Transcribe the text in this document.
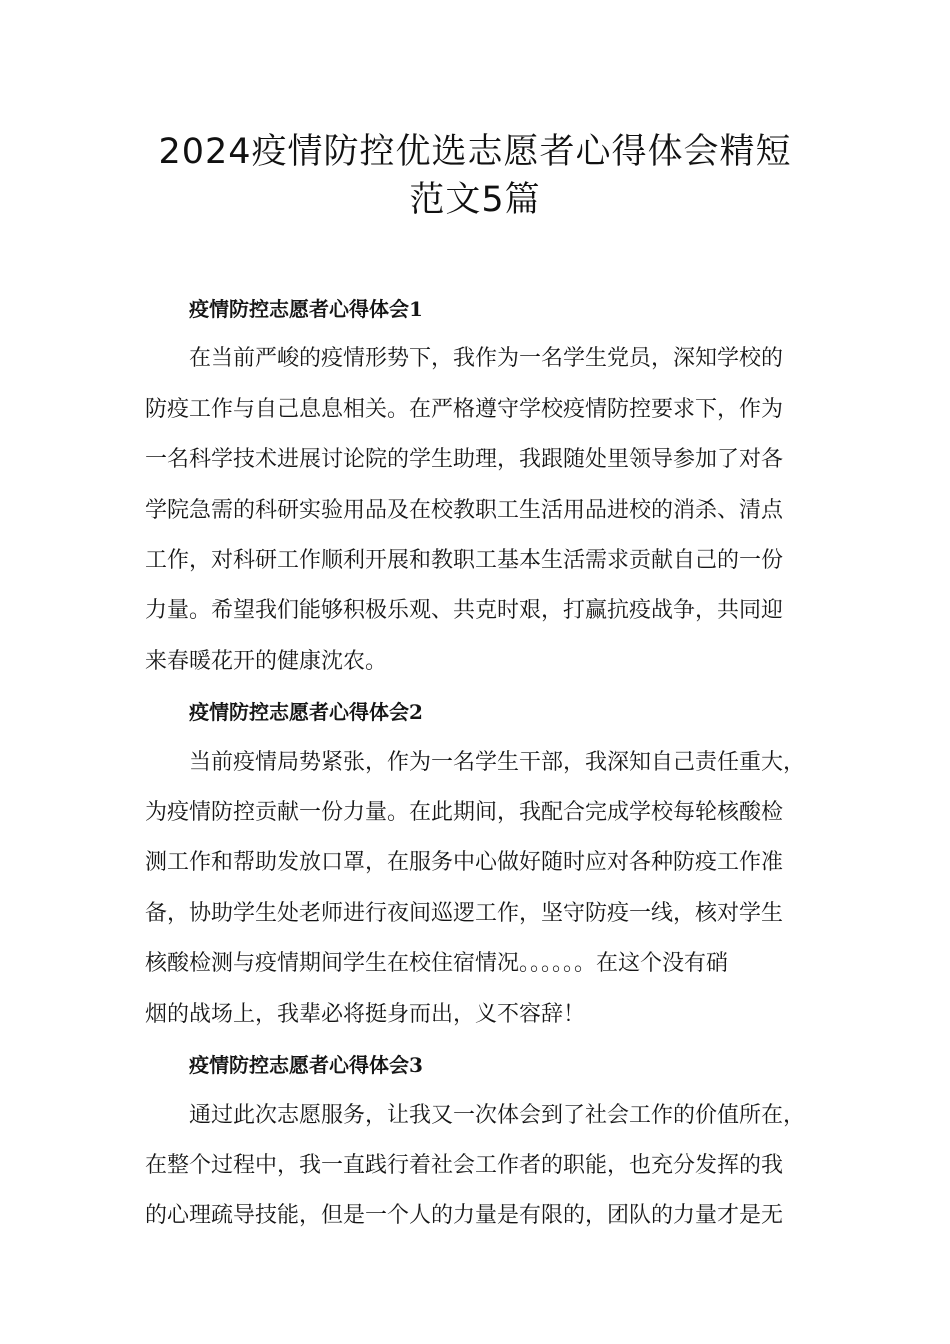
2024疫情防控优选志愿者心得体会精短
范文5篇
疫情防控志愿者心得体会1

在当前严峻的疫情形势下，我作为一名学生党员，深知学校的
防疫工作与自己息息相关。在严格遵守学校疫情防控要求下，作为
一名科学技术进展讨论院的学生助理，我跟随处里领导参加了对各
学院急需的科研实验用品及在校教职工生活用品进校的消杀、清点
工作，对科研工作顺利开展和教职工基本生活需求贡献自己的一份
力量。希望我们能够积极乐观、共克时艰，打赢抗疫战争，共同迎
来春暖花开的健康沈农。

疫情防控志愿者心得体会2

当前疫情局势紧张，作为一名学生干部，我深知自己责任重大，
为疫情防控贡献一份力量。在此期间，我配合完成学校每轮核酸检
测工作和帮助发放口罩，在服务中心做好随时应对各种防疫工作准
备，协助学生处老师进行夜间巡逻工作，坚守防疫一线，核对学生
核酸检测与疫情期间学生在校住宿情况。。。。。。在这个没有硝
烟的战场上，我辈必将挺身而出，义不容辞！

疫情防控志愿者心得体会3

通过此次志愿服务，让我又一次体会到了社会工作的价值所在，
在整个过程中，我一直践行着社会工作者的职能，也充分发挥的我
的心理疏导技能，但是一个人的力量是有限的，团队的力量才是无
